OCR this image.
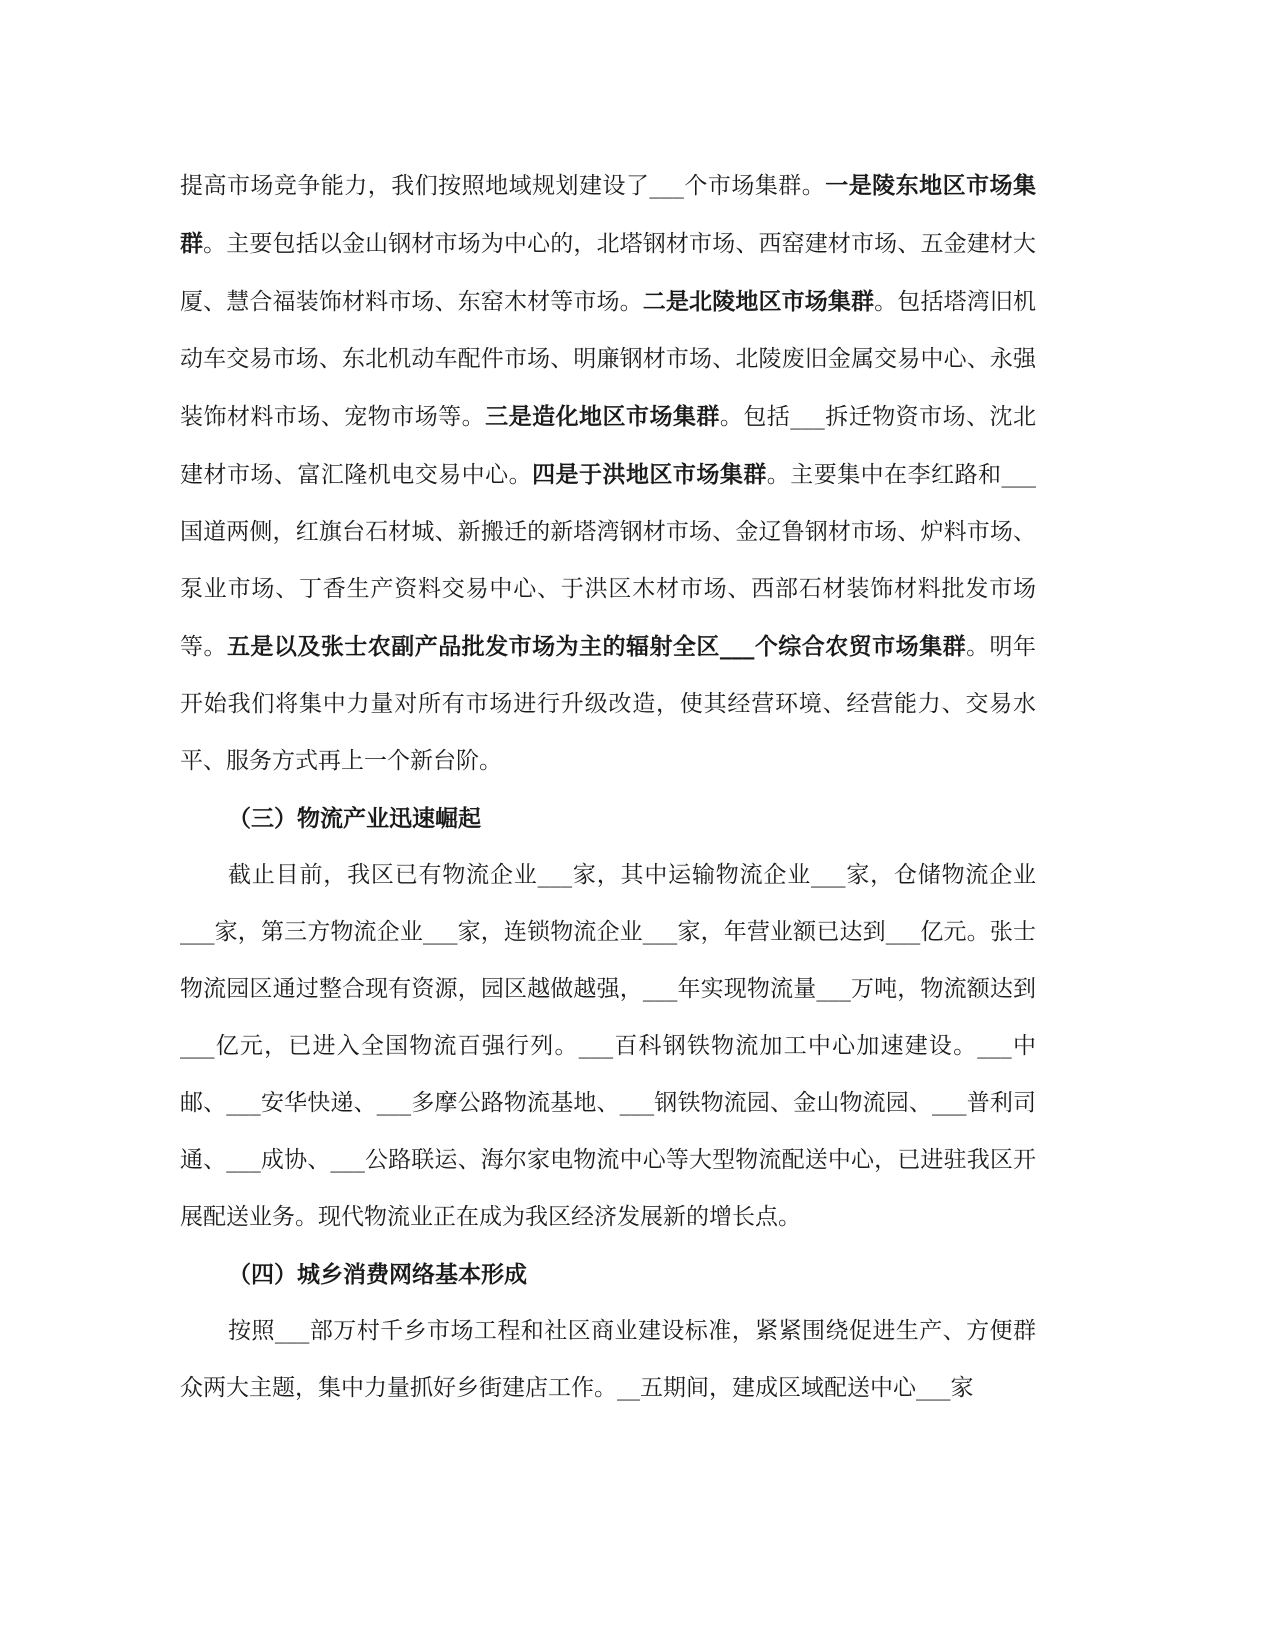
提高市场竞争能力，我们按照地域规划建设了___个市场集群。一是陵东地区市场集群。主要包括以金山钢材市场为中心的，北塔钢材市场、西窑建材市场、五金建材大厦、慧合福装饰材料市场、东窑木材等市场。二是北陵地区市场集群。包括塔湾旧机动车交易市场、东北机动车配件市场、明廉钢材市场、北陵废旧金属交易中心、永强装饰材料市场、宠物市场等。三是造化地区市场集群。包括___拆迁物资市场、沈北建材市场、富汇隆机电交易中心。四是于洪地区市场集群。主要集中在李红路和___国道两侧，红旗台石材城、新搬迁的新塔湾钢材市场、金辽鲁钢材市场、炉料市场、泵业市场、丁香生产资料交易中心、于洪区木材市场、西部石材装饰材料批发市场等。五是以及张士农副产品批发市场为主的辐射全区___个综合农贸市场集群。明年开始我们将集中力量对所有市场进行升级改造，使其经营环境、经营能力、交易水平、服务方式再上一个新台阶。

（三）物流产业迅速崛起

截止目前，我区已有物流企业___家，其中运输物流企业___家，仓储物流企业___家，第三方物流企业___家，连锁物流企业___家，年营业额已达到___亿元。张士物流园区通过整合现有资源，园区越做越强，___年实现物流量___万吨，物流额达到___亿元，已进入全国物流百强行列。___百科钢铁物流加工中心加速建设。___中邮、___安华快递、___多摩公路物流基地、___钢铁物流园、金山物流园、___普利司通、___成协、___公路联运、海尔家电物流中心等大型物流配送中心，已进驻我区开展配送业务。现代物流业正在成为我区经济发展新的增长点。

（四）城乡消费网络基本形成

按照___部万村千乡市场工程和社区商业建设标准，紧紧围绕促进生产、方便群众两大主题，集中力量抓好乡街建店工作。__五期间，建成区域配送中心___家
